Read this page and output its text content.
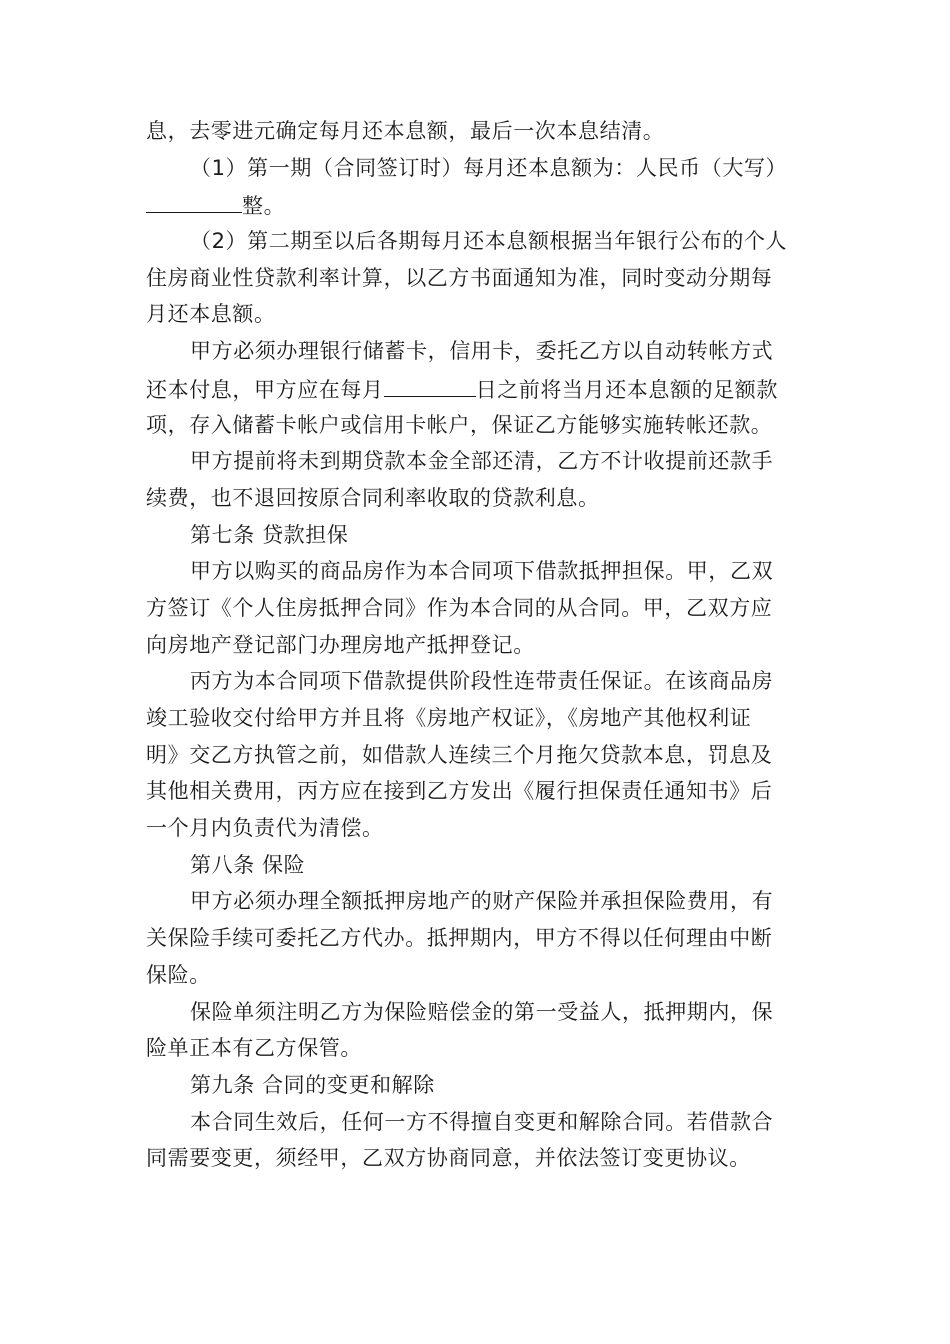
息，去零进元确定每月还本息额，最后一次本息结清。
（1）第一期（合同签订时）每月还本息额为：人民币（大写）
整。
（2）第二期至以后各期每月还本息额根据当年银行公布的个人
住房商业性贷款利率计算，以乙方书面通知为准，同时变动分期每
月还本息额。
甲方必须办理银行储蓄卡，信用卡，委托乙方以自动转帐方式
还本付息，甲方应在每月	日之前将当月还本息额的足额款
项，存入储蓄卡帐户或信用卡帐户，保证乙方能够实施转帐还款。
甲方提前将未到期贷款本金全部还清，乙方不计收提前还款手
续费，也不退回按原合同利率收取的贷款利息。
第七条 贷款担保
甲方以购买的商品房作为本合同项下借款抵押担保。甲，乙双
方签订《个人住房抵押合同》作为本合同的从合同。甲，乙双方应
向房地产登记部门办理房地产抵押登记。
丙方为本合同项下借款提供阶段性连带责任保证。在该商品房
竣工验收交付给甲方并且将《房地产权证》，《房地产其他权利证
明》交乙方执管之前，如借款人连续三个月拖欠贷款本息，罚息及
其他相关费用，丙方应在接到乙方发出《履行担保责任通知书》后
一个月内负责代为清偿。
第八条 保险
甲方必须办理全额抵押房地产的财产保险并承担保险费用，有
关保险手续可委托乙方代办。抵押期内，甲方不得以任何理由中断
保险。
保险单须注明乙方为保险赔偿金的第一受益人，抵押期内，保
险单正本有乙方保管。
第九条 合同的变更和解除
本合同生效后，任何一方不得擅自变更和解除合同。若借款合
同需要变更，须经甲，乙双方协商同意，并依法签订变更协议。
